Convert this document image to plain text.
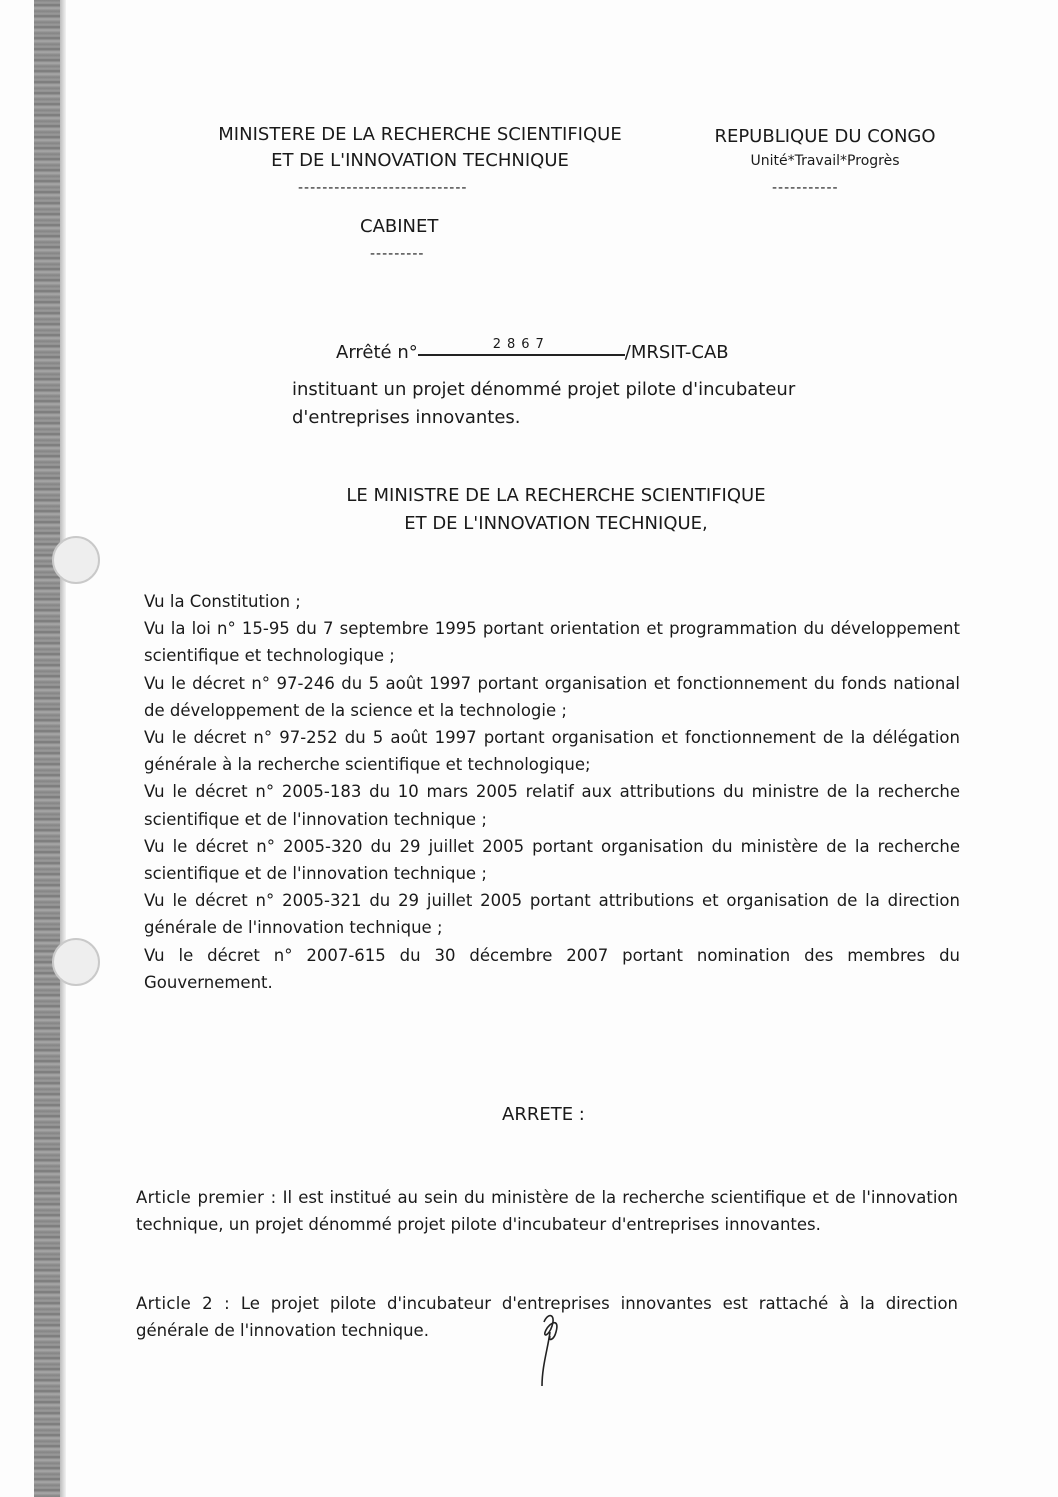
MINISTERE DE LA RECHERCHE SCIENTIFIQUE
ET DE L'INNOVATION TECHNIQUE
----------------------------
REPUBLIQUE DU CONGO
Unité*Travail*Progrès
-----------
CABINET
---------
Arrêté n°	$^{2867}$	/MRSIT-CAB
instituant un projet dénommé projet pilote d'incubateur
d'entreprises innovantes.
LE MINISTRE DE LA RECHERCHE SCIENTIFIQUE
ET DE L'INNOVATION TECHNIQUE,

Vu la Constitution ;

Vu la loi n° 15-95 du 7 septembre 1995 portant orientation et programmation du développement scientifique et technologique ;

Vu le décret n° 97-246 du 5 août 1997 portant organisation et fonctionnement du fonds national de développement de la science et la technologie ;

Vu le décret n° 97-252 du 5 août 1997 portant organisation et fonctionnement de la délégation générale à la recherche scientifique et technologique;

Vu le décret n° 2005-183 du 10 mars 2005 relatif aux attributions du ministre de la recherche scientifique et de l'innovation technique ;

Vu le décret n° 2005-320 du 29 juillet 2005 portant organisation du ministère de la recherche scientifique et de l'innovation technique ;

Vu le décret n° 2005-321 du 29 juillet 2005 portant attributions et organisation de la direction générale de l'innovation technique ;

Vu le décret n° 2007-615 du 30 décembre 2007 portant nomination des membres du Gouvernement.

ARRETE :
Article premier : Il est institué au sein du ministère de la recherche scientifique et de l'innovation technique, un projet dénommé projet pilote d'incubateur d'entreprises innovantes.
Article 2 : Le projet pilote d'incubateur d'entreprises innovantes est rattaché à la direction générale de l'innovation technique.
